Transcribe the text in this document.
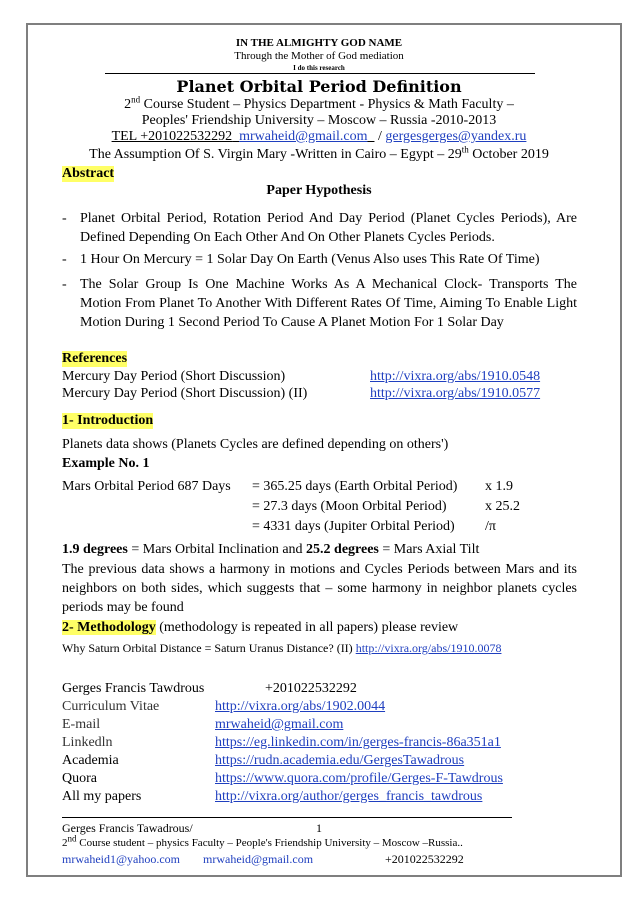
IN THE ALMIGHTY GOD NAME
Through the Mother of God mediation
I do this research
Planet Orbital Period Definition
2nd Course Student – Physics Department - Physics & Math Faculty –
Peoples' Friendship University – Moscow – Russia -2010-2013
TEL +201022532292 mrwaheid@gmail.com / gergesgerges@yandex.ru
The Assumption Of S. Virgin Mary -Written in Cairo – Egypt – 29th October 2019
Abstract
Paper Hypothesis
- Planet Orbital Period, Rotation Period And Day Period (Planet Cycles Periods), Are Defined Depending On Each Other And On Other Planets Cycles Periods.
- 1 Hour On Mercury = 1 Solar Day On Earth (Venus Also uses This Rate Of Time)
- The Solar Group Is One Machine Works As A Mechanical Clock- Transports The Motion From Planet To Another With Different Rates Of Time, Aiming To Enable Light Motion During 1 Second Period To Cause A Planet Motion For 1 Solar Day
References
Mercury Day Period (Short Discussion)	http://vixra.org/abs/1910.0548
Mercury Day Period (Short Discussion) (II)	http://vixra.org/abs/1910.0577
1- Introduction
Planets data shows (Planets Cycles are defined depending on others')
Example No. 1
Mars Orbital Period 687 Days = 365.25 days (Earth Orbital Period) x 1.9
= 27.3 days (Moon Orbital Period)	x 25.2
= 4331 days (Jupiter Orbital Period) /π
1.9 degrees = Mars Orbital Inclination and 25.2 degrees = Mars Axial Tilt
The previous data shows a harmony in motions and Cycles Periods between Mars and its neighbors on both sides, which suggests that – some harmony in neighbor planets cycles periods may be found
2- Methodology (methodology is repeated in all papers) please review
Why Saturn Orbital Distance = Saturn Uranus Distance? (II) http://vixra.org/abs/1910.0078
Gerges Francis Tawdrous	+201022532292
Curriculum Vitae	http://vixra.org/abs/1902.0044
E-mail	mrwaheid@gmail.com
Linkedln	https://eg.linkedin.com/in/gerges-francis-86a351a1
Academia	https://rudn.academia.edu/GergesTawadrous
Quora	https://www.quora.com/profile/Gerges-F-Tawdrous
All my papers	http://vixra.org/author/gerges_francis_tawdrous
Gerges Francis Tawadrous/	1
2nd Course student – physics Faculty – People's Friendship University – Moscow –Russia..
mrwaheid1@yahoo.com mrwaheid@gmail.com	+201022532292
